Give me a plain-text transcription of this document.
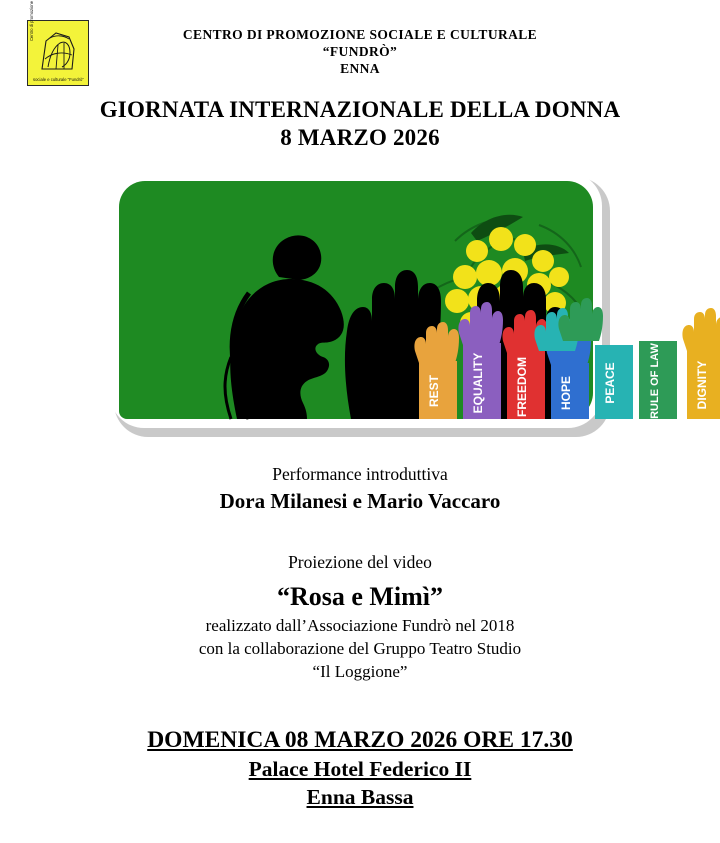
Centro di promozione
sociale e culturale “Fundrò”
CENTRO DI PROMOZIONE SOCIALE E CULTURALE
“FUNDRÒ”
ENNA
GIORNATA INTERNAZIONALE DELLA DONNA
8 MARZO 2026
REST	EQUALITY	FREEDOM	HOPE	PEACE	RULE OF LAW	DIGNITY
Performance introduttiva
Dora Milanesi e Mario Vaccaro
Proiezione del video
“Rosa e Mimì”
realizzato dall’Associazione Fundrò nel 2018
con la collaborazione del Gruppo Teatro Studio
“Il Loggione”
DOMENICA 08 MARZO 2026 ORE 17.30
Palace Hotel Federico II
Enna Bassa
